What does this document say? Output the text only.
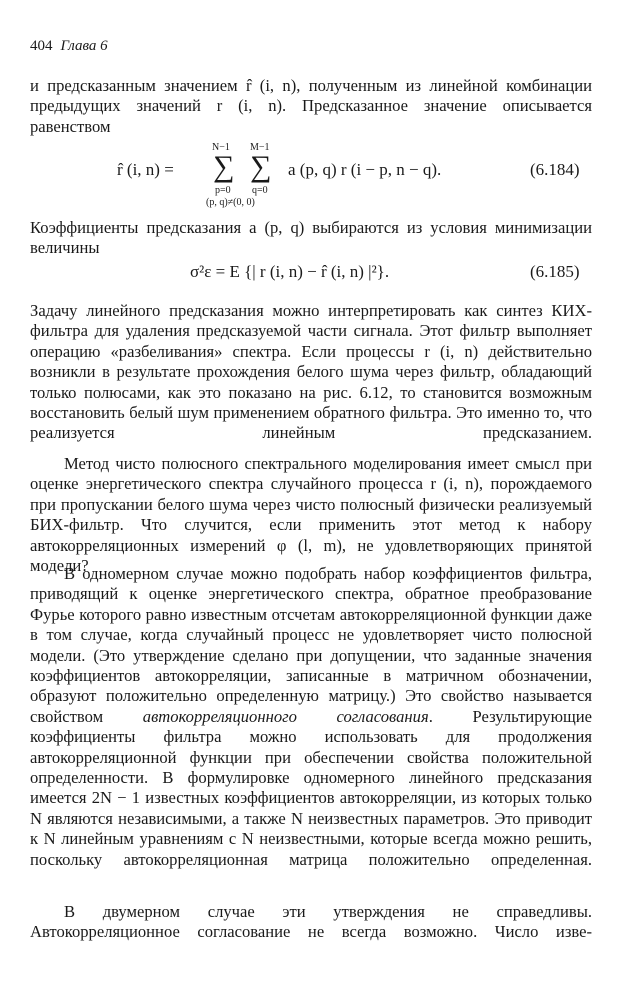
404 Глава 6
и предсказанным значением r̂ (i, n), полученным из линейной комбинации предыдущих значений r (i, n). Предсказанное значение описывается равенством
r̂ (i, n) =
N−1 M−1
∑ ∑
p=0 q=0
(p, q)≠(0, 0)
a (p, q) r (i − p, n − q).	(6.184)
Коэффициенты предсказания a (p, q) выбираются из условия минимизации величины
σ²ε = E {| r (i, n) − r̂ (i, n) |²}.	(6.185)
Задачу линейного предсказания можно интерпретировать как синтез КИХ-фильтра для удаления предсказуемой части сигнала. Этот фильтр выполняет операцию «разбеливания» спектра. Если процессы r (i, n) действительно возникли в результате прохождения белого шума через фильтр, обладающий только полюсами, как это показано на рис. 6.12, то становится возможным восстановить белый шум применением обратного фильтра. Это именно то, что реализуется линейным предсказанием.
Метод чисто полюсного спектрального моделирования имеет смысл при оценке энергетического спектра случайного процесса r (i, n), порождаемого при пропускании белого шума через чисто полюсный физически реализуемый БИХ-фильтр. Что случится, если применить этот метод к набору автокорреляционных измерений φ (l, m), не удовлетворяющих принятой модели?
В одномерном случае можно подобрать набор коэффициентов фильтра, приводящий к оценке энергетического спектра, обратное преобразование Фурье которого равно известным отсчетам автокорреляционной функции даже в том случае, когда случайный процесс не удовлетворяет чисто полюсной модели. (Это утверждение сделано при допущении, что заданные значения коэффициентов автокорреляции, записанные в матричном обозначении, образуют положительно определенную матрицу.) Это свойство называется свойством автокорреляционного согласования. Результирующие коэффициенты фильтра можно использовать для продолжения автокорреляционной функции при обеспечении свойства положительной определенности. В формулировке одномерного линейного предсказания имеется 2N − 1 известных коэффициентов автокорреляции, из которых только N являются независимыми, а также N неизвестных параметров. Это приводит к N линейным уравнениям с N неизвестными, которые всегда можно решить, поскольку автокорреляционная матрица положительно определенная.
В двумерном случае эти утверждения не справедливы. Автокорреляционное согласование не всегда возможно. Число изве-
